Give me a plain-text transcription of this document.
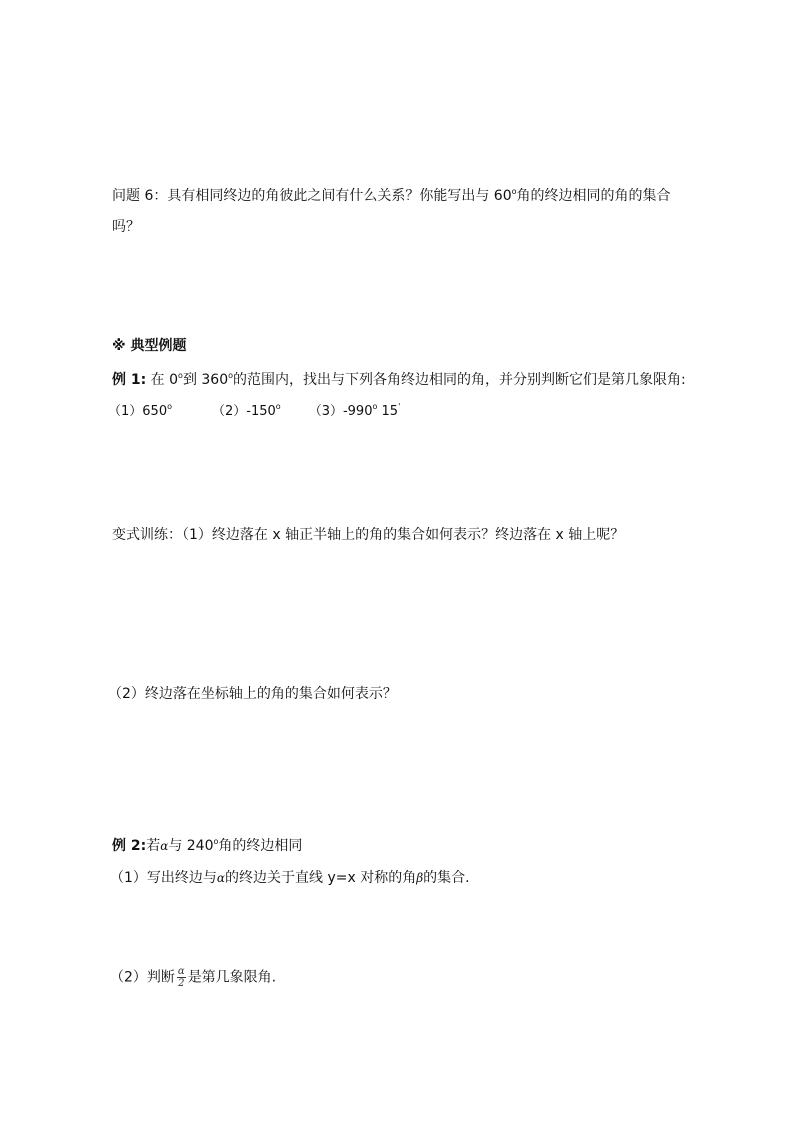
问题 6：具有相同终边的角彼此之间有什么关系？你能写出与 60$^o$角的终边相同的角的集合
吗？
※ 典型例题
例 1: 在 0$^o$到 360$^o$的范围内，找出与下列各角终边相同的角，并分别判断它们是第几象限角:
（1）650$^o$	（2）-150$^o$ （3）-990$^o$ 15'
变式训练：（1）终边落在 x 轴正半轴上的角的集合如何表示？终边落在 x 轴上呢？
（2）终边落在坐标轴上的角的集合如何表示？
例 2:若α与 240$^o$角的终边相同
（1）写出终边与α的终边关于直线 y=x 对称的角β的集合.
（2）判断 $\frac{\alpha}{2}$ 是第几象限角.
